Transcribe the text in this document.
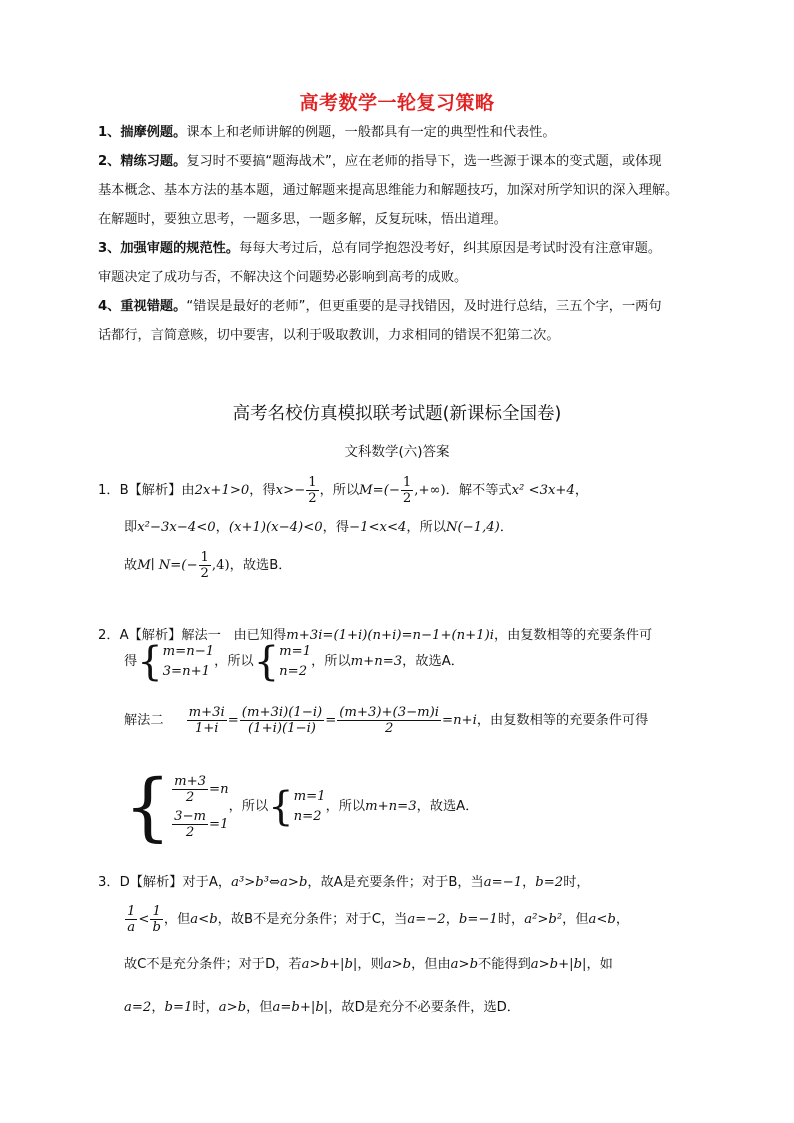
高考数学一轮复习策略
1、揣摩例题。课本上和老师讲解的例题，一般都具有一定的典型性和代表性。
2、精练习题。复习时不要搞“题海战术”，应在老师的指导下，选一些源于课本的变式题，或体现
基本概念、基本方法的基本题，通过解题来提高思维能力和解题技巧，加深对所学知识的深入理解。
在解题时，要独立思考，一题多思，一题多解，反复玩味，悟出道理。
3、加强审题的规范性。每每大考过后，总有同学抱怨没考好，纠其原因是考试时没有注意审题。
审题决定了成功与否，不解决这个问题势必影响到高考的成败。
4、重视错题。“错误是最好的老师”，但更重要的是寻找错因，及时进行总结，三五个字，一两句
话都行，言简意赅，切中要害，以利于吸取教训，力求相同的错误不犯第二次。
高考名校仿真模拟联考试题(新课标全国卷)
文科数学(六)答案
1．B【解析】 由 2x+1>0 ，得 $x>- \frac{1}{2}$ ，所以 $M=(- \frac{1}{2}$ ,+∞) ．解不等式 x² <3x+4 ，
即x²−3x−4<0，(x+1)(x−4)<0，得−1<x<4，所以N(−1,4)．
故 M∣ $N=(- \frac{1}{2} ,4)$ ，故选B．
2．A【解析】解法一 由已知得m+3i=(1+i)(n+i)=n−1+(n+1)i，由复数相等的充要条件可
得 { m=n−1
3=n+1
，所以 { m=1
n=2
，所以 m+n=3 ，故选A．
解法二 $\frac{m+3i}{1+i} = \frac{(m+3i)(1-i)}{(1+i)(1-i)} = \frac{(m+3)+(3-m)i}{2} =n+i$ ，由复数相等的充要条件可得
{ $\frac{m+3}{2} =n$
$\frac{3-m}{2} =1$
，所以 { m=1
n=2
，所以 m+n=3 ，故选A．
3．D【解析】对于A，a³>b³⇔a>b，故A是充要条件；对于B，当a=−1，b=2时，
$\frac{1}{a} < \frac{1}{b}$ ，但 a<b ，故B不是充分条件；对于C，当 a=−2 ， b=−1 时， a²>b² ，但 a<b ，
故C不是充分条件；对于D，若a>b+|b|，则a>b，但由a>b不能得到a>b+|b|，如
a=2，b=1时，a>b，但a=b+|b|，故D是充分不必要条件，选D．
